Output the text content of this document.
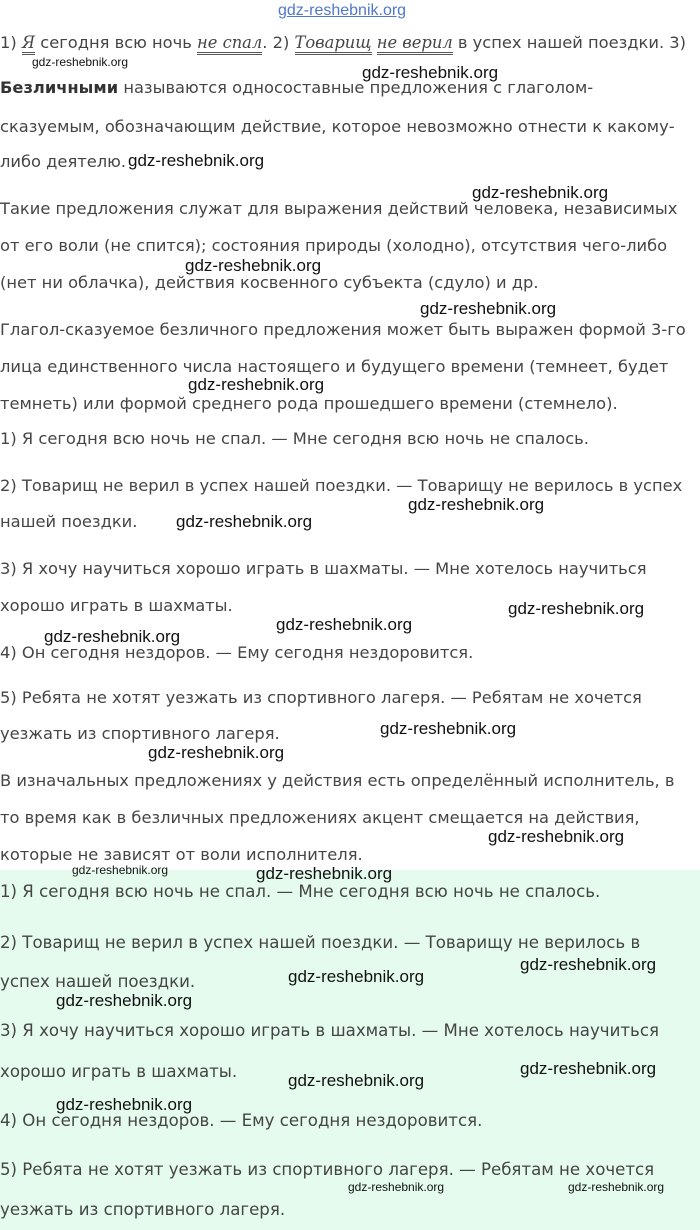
1) Я сегодня всю ночь не спал. 2) Товарищ не верил в успех нашей поездки. 3)
Безличными называются односоставные предложения с глаголом-
сказуемым, обозначающим действие, которое невозможно отнести к какому-
либо деятелю.
Такие предложения служат для выражения действий человека, независимых
от его воли (не спится); состояния природы (холодно), отсутствия чего-либо
(нет ни облачка), действия косвенного субъекта (сдуло) и др.
Глагол-сказуемое безличного предложения может быть выражен формой 3-го
лица единственного числа настоящего и будущего времени (темнеет, будет
темнеть) или формой среднего рода прошедшего времени (стемнело).
1) Я сегодня всю ночь не спал. — Мне сегодня всю ночь не спалось.
2) Товарищ не верил в успех нашей поездки. — Товарищу не верилось в успех
нашей поездки.
3) Я хочу научиться хорошо играть в шахматы. — Мне хотелось научиться
хорошо играть в шахматы.
4) Он сегодня нездоров. — Ему сегодня нездоровится.
5) Ребята не хотят уезжать из спортивного лагеря. — Ребятам не хочется
уезжать из спортивного лагеря.
В изначальных предложениях у действия есть определённый исполнитель, в
то время как в безличных предложениях акцент смещается на действия,
которые не зависят от воли исполнителя.
1) Я сегодня всю ночь не спал. — Мне сегодня всю ночь не спалось.
2) Товарищ не верил в успех нашей поездки. — Товарищу не верилось в
успех нашей поездки.
3) Я хочу научиться хорошо играть в шахматы. — Мне хотелось научиться
хорошо играть в шахматы.
4) Он сегодня нездоров. — Ему сегодня нездоровится.
5) Ребята не хотят уезжать из спортивного лагеря. — Ребятам не хочется
уезжать из спортивного лагеря.
gdz-reshebnik.org
gdz-reshebnik.org
gdz-reshebnik.org
gdz-reshebnik.org
gdz-reshebnik.org
gdz-reshebnik.org
gdz-reshebnik.org
gdz-reshebnik.org
gdz-reshebnik.org
gdz-reshebnik.org
gdz-reshebnik.org
gdz-reshebnik.org
gdz-reshebnik.org
gdz-reshebnik.org
gdz-reshebnik.org
gdz-reshebnik.org
gdz-reshebnik.org	gdz-reshebnik.org
gdz-reshebnik.org
gdz-reshebnik.org
gdz-reshebnik.org
gdz-reshebnik.org
gdz-reshebnik.org
gdz-reshebnik.org
gdz-reshebnik.org	gdz-reshebnik.org
